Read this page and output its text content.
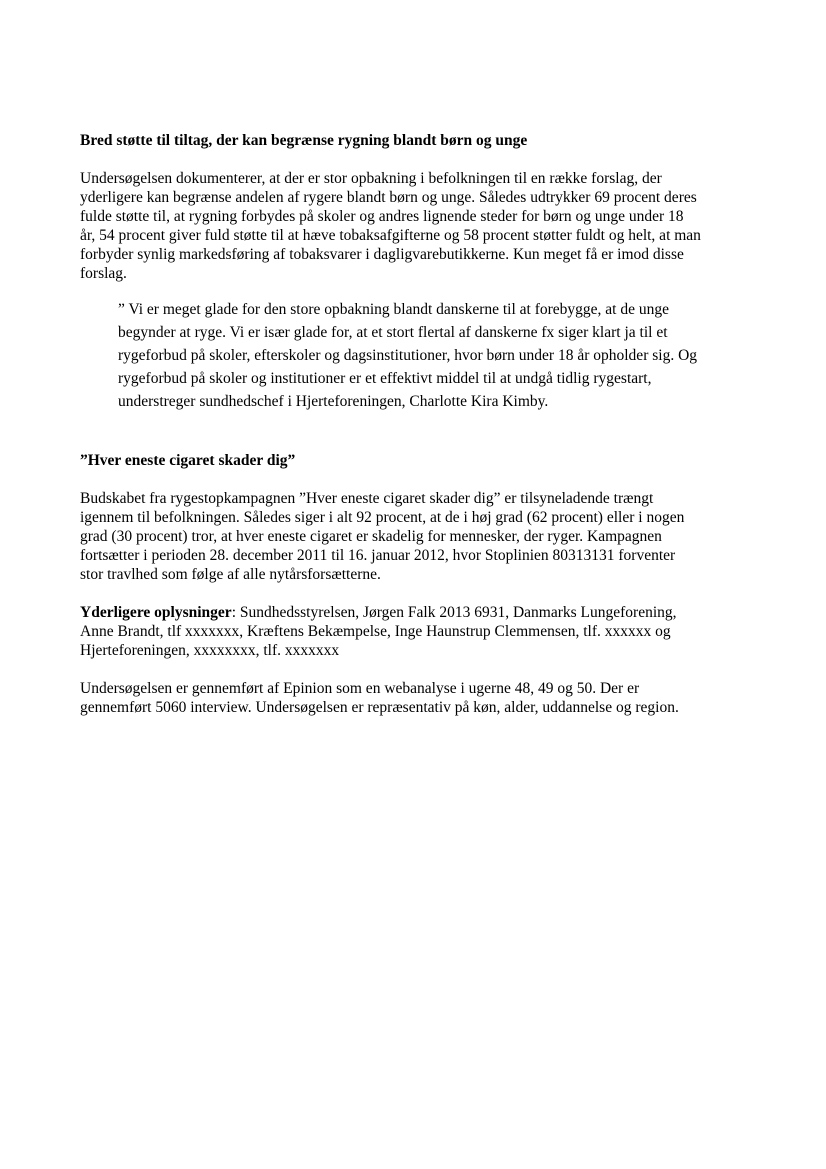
Bred støtte til tiltag, der kan begrænse rygning blandt børn og unge

Undersøgelsen dokumenterer, at der er stor opbakning i befolkningen til en række forslag, der
yderligere kan begrænse andelen af rygere blandt børn og unge. Således udtrykker 69 procent deres
fulde støtte til, at rygning forbydes på skoler og andres lignende steder for børn og unge under 18
år, 54 procent giver fuld støtte til at hæve tobaksafgifterne og 58 procent støtter fuldt og helt, at man
forbyder synlig markedsføring af tobaksvarer i dagligvarebutikkerne. Kun meget få er imod disse
forslag.

” Vi er meget glade for den store opbakning blandt danskerne til at forebygge, at de unge
begynder at ryge. Vi er især glade for, at et stort flertal af danskerne fx siger klart ja til et
rygeforbud på skoler, efterskoler og dagsinstitutioner, hvor børn under 18 år opholder sig. Og
rygeforbud på skoler og institutioner er et effektivt middel til at undgå tidlig rygestart,
understreger sundhedschef i Hjerteforeningen, Charlotte Kira Kimby.

”Hver eneste cigaret skader dig”

Budskabet fra rygestopkampagnen ”Hver eneste cigaret skader dig” er tilsyneladende trængt
igennem til befolkningen. Således siger i alt 92 procent, at de i høj grad (62 procent) eller i nogen
grad (30 procent) tror, at hver eneste cigaret er skadelig for mennesker, der ryger. Kampagnen
fortsætter i perioden 28. december 2011 til 16. januar 2012, hvor Stoplinien 80313131 forventer
stor travlhed som følge af alle nytårsforsætterne.

Yderligere oplysninger: Sundhedsstyrelsen, Jørgen Falk 2013 6931, Danmarks Lungeforening,
Anne Brandt, tlf xxxxxxx, Kræftens Bekæmpelse, Inge Haunstrup Clemmensen, tlf. xxxxxx og
Hjerteforeningen, xxxxxxxx, tlf. xxxxxxx

Undersøgelsen er gennemført af Epinion som en webanalyse i ugerne 48, 49 og 50. Der er
gennemført 5060 interview. Undersøgelsen er repræsentativ på køn, alder, uddannelse og region.
